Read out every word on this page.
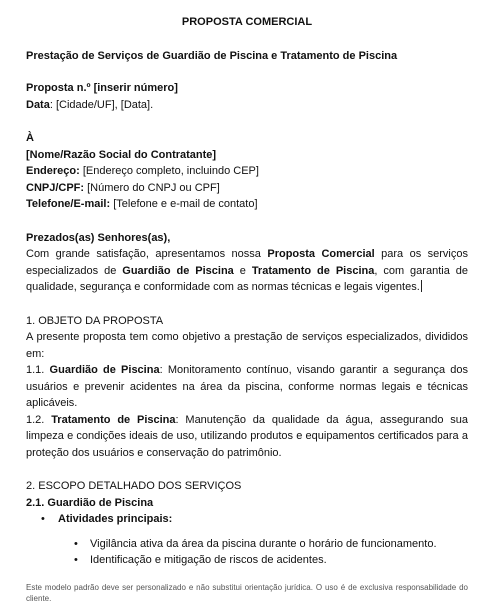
PROPOSTA COMERCIAL

Prestação de Serviços de Guardião de Piscina e Tratamento de Piscina

Proposta n.º [inserir número]

Data: [Cidade/UF], [Data].

À

[Nome/Razão Social do Contratante]

Endereço: [Endereço completo, incluindo CEP]

CNPJ/CPF: [Número do CNPJ ou CPF]

Telefone/E-mail: [Telefone e e-mail de contato]

Prezados(as) Senhores(as),

Com grande satisfação, apresentamos nossa Proposta Comercial para os serviços especializados de Guardião de Piscina e Tratamento de Piscina, com garantia de qualidade, segurança e conformidade com as normas técnicas e legais vigentes.

1. OBJETO DA PROPOSTA

A presente proposta tem como objetivo a prestação de serviços especializados, divididos em:

1.1. Guardião de Piscina: Monitoramento contínuo, visando garantir a segurança dos usuários e prevenir acidentes na área da piscina, conforme normas legais e técnicas aplicáveis.

1.2. Tratamento de Piscina: Manutenção da qualidade da água, assegurando sua limpeza e condições ideais de uso, utilizando produtos e equipamentos certificados para a proteção dos usuários e conservação do patrimônio.

2. ESCOPO DETALHADO DOS SERVIÇOS

2.1. Guardião de Piscina

• Atividades principais:

• Vigilância ativa da área da piscina durante o horário de funcionamento.

• Identificação e mitigação de riscos de acidentes.

Este modelo padrão deve ser personalizado e não substitui orientação jurídica. O uso é de exclusiva responsabilidade do cliente.
